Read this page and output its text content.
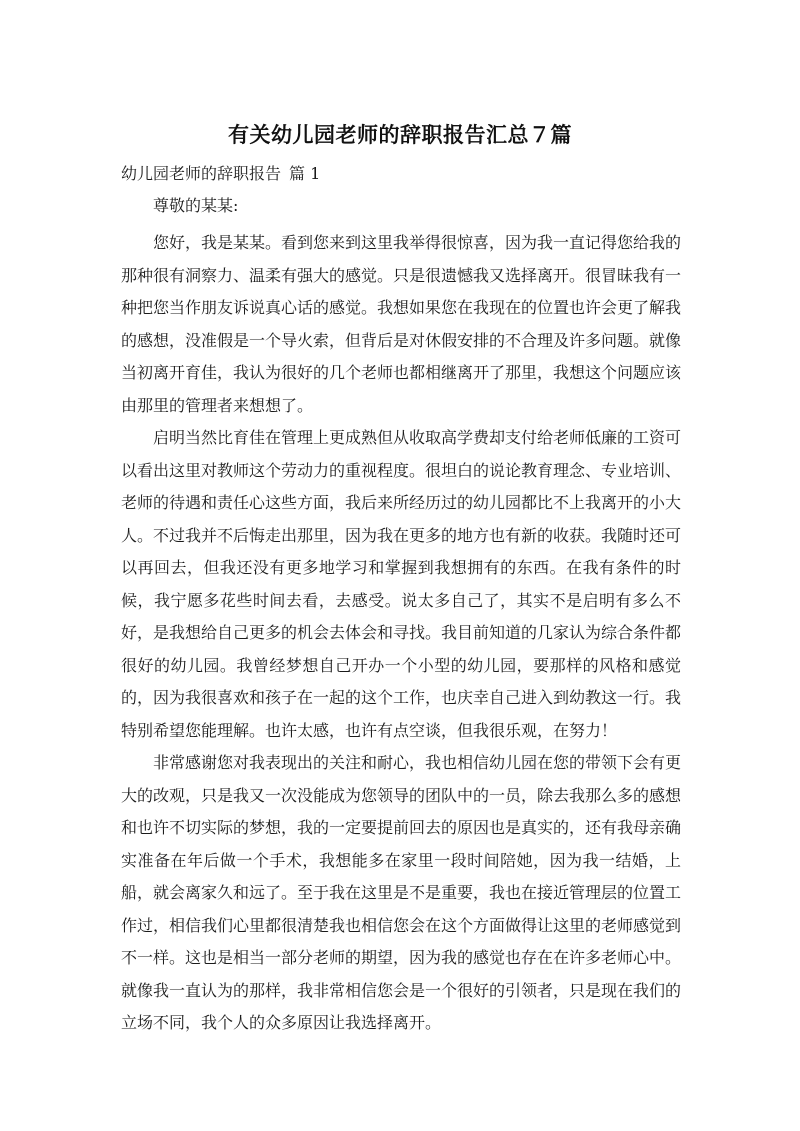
有关幼儿园老师的辞职报告汇总７篇
幼儿园老师的辞职报告 篇 1
尊敬的某某:

您好，我是某某。看到您来到这里我举得很惊喜，因为我一直记得您给我的那种很有洞察力、温柔有强大的感觉。只是很遗憾我又选择离开。很冒昧我有一种把您当作朋友诉说真心话的感觉。我想如果您在我现在的位置也许会更了解我的感想，没准假是一个导火索，但背后是对休假安排的不合理及许多问题。就像当初离开育佳，我认为很好的几个老师也都相继离开了那里，我想这个问题应该由那里的管理者来想想了。

启明当然比育佳在管理上更成熟但从收取高学费却支付给老师低廉的工资可以看出这里对教师这个劳动力的重视程度。很坦白的说论教育理念、专业培训、老师的待遇和责任心这些方面，我后来所经历过的幼儿园都比不上我离开的小大人。不过我并不后悔走出那里，因为我在更多的地方也有新的收获。我随时还可以再回去，但我还没有更多地学习和掌握到我想拥有的东西。在我有条件的时候，我宁愿多花些时间去看，去感受。说太多自己了，其实不是启明有多么不好，是我想给自己更多的机会去体会和寻找。我目前知道的几家认为综合条件都很好的幼儿园。我曾经梦想自己开办一个小型的幼儿园，要那样的风格和感觉的，因为我很喜欢和孩子在一起的这个工作，也庆幸自己进入到幼教这一行。我特别希望您能理解。也许太感，也许有点空谈，但我很乐观，在努力！

非常感谢您对我表现出的关注和耐心，我也相信幼儿园在您的带领下会有更大的改观，只是我又一次没能成为您领导的团队中的一员，除去我那么多的感想和也许不切实际的梦想，我的一定要提前回去的原因也是真实的，还有我母亲确实准备在年后做一个手术，我想能多在家里一段时间陪她，因为我一结婚，上船，就会离家久和远了。至于我在这里是不是重要，我也在接近管理层的位置工作过，相信我们心里都很清楚我也相信您会在这个方面做得让这里的老师感觉到不一样。这也是相当一部分老师的期望，因为我的感觉也存在在许多老师心中。就像我一直认为的那样，我非常相信您会是一个很好的引领者，只是现在我们的立场不同，我个人的众多原因让我选择离开。
